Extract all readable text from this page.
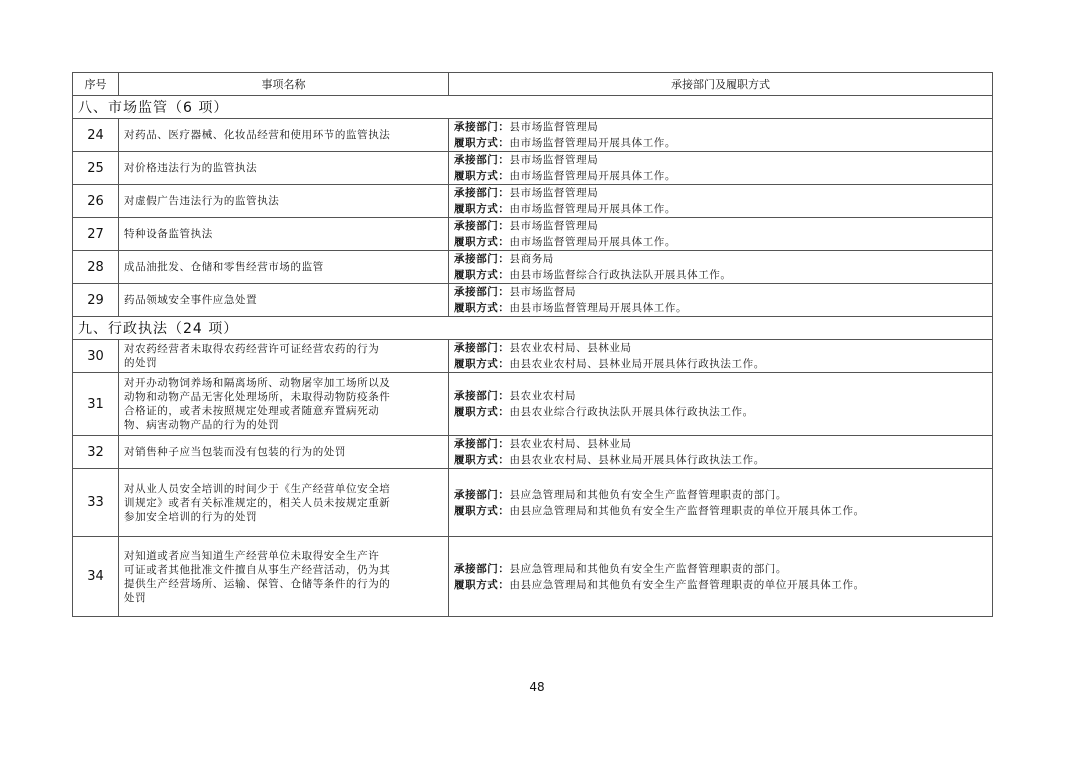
序号	事项名称	承接部门及履职方式
八、市场监管（6 项）		
24	对药品、医疗器械、化妆品经营和使用环节的监管执法	承接部门：县市场监督管理局
履职方式：由市场监督管理局开展具体工作。

25	对价格违法行为的监管执法	承接部门：县市场监督管理局
履职方式：由市场监督管理局开展具体工作。

26	对虚假广告违法行为的监管执法	承接部门：县市场监督管理局
履职方式：由市场监督管理局开展具体工作。

27	特种设备监管执法	承接部门：县市场监督管理局
履职方式：由市场监督管理局开展具体工作。

28	成品油批发、仓储和零售经营市场的监管	承接部门：县商务局
履职方式：由县市场监督综合行政执法队开展具体工作。

29	药品领域安全事件应急处置	承接部门：县市场监督局
履职方式：由县市场监督管理局开展具体工作。

九、行政执法（24 项）		
30	对农药经营者未取得农药经营许可证经营农药的行为
的处罚	承接部门：县农业农村局、县林业局
履职方式：由县农业农村局、县林业局开展具体行政执法工作。

31	对开办动物饲养场和隔离场所、动物屠宰加工场所以及
动物和动物产品无害化处理场所，未取得动物防疫条件
合格证的，或者未按照规定处理或者随意弃置病死动
物、病害动物产品的行为的处罚	承接部门：县农业农村局
履职方式：由县农业综合行政执法队开展具体行政执法工作。

32	对销售种子应当包装而没有包装的行为的处罚	承接部门：县农业农村局、县林业局
履职方式：由县农业农村局、县林业局开展具体行政执法工作。

33	对从业人员安全培训的时间少于《生产经营单位安全培
训规定》或者有关标准规定的，相关人员未按规定重新
参加安全培训的行为的处罚	承接部门：县应急管理局和其他负有安全生产监督管理职责的部门。
履职方式：由县应急管理局和其他负有安全生产监督管理职责的单位开展具体工作。

34	对知道或者应当知道生产经营单位未取得安全生产许
可证或者其他批准文件擅自从事生产经营活动，仍为其
提供生产经营场所、运输、保管、仓储等条件的行为的
处罚	承接部门：县应急管理局和其他负有安全生产监督管理职责的部门。
履职方式：由县应急管理局和其他负有安全生产监督管理职责的单位开展具体工作。
48
